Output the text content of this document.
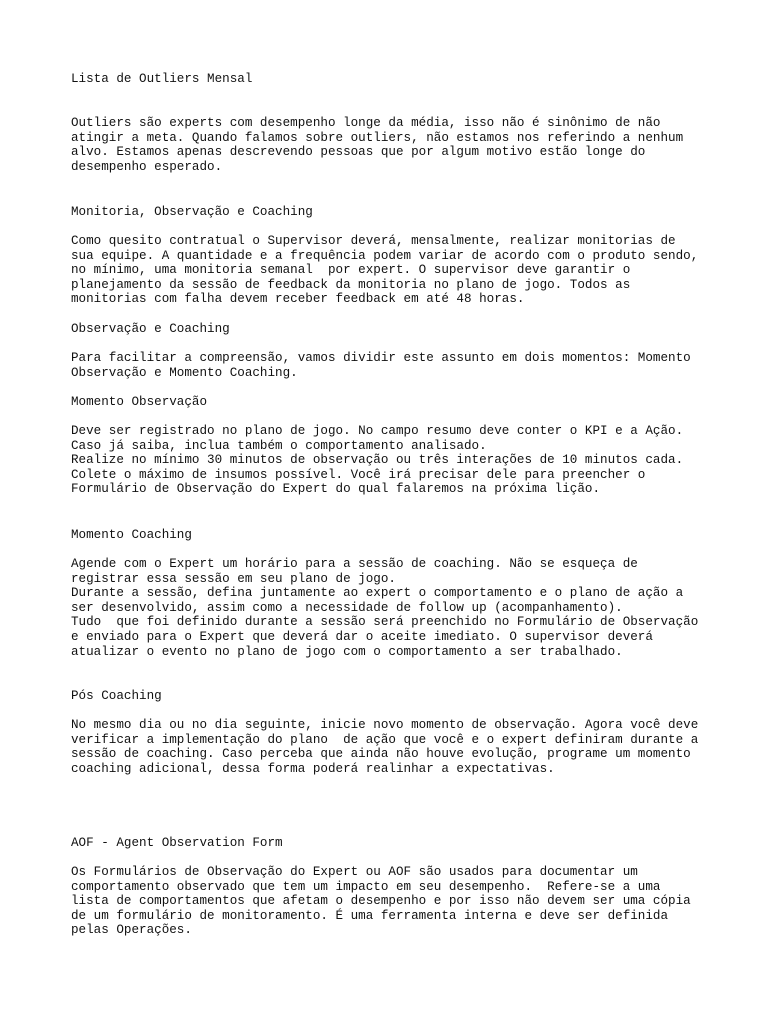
Lista de Outliers Mensal

Outliers são experts com desempenho longe da média, isso não é sinônimo de não
atingir a meta. Quando falamos sobre outliers, não estamos nos referindo a nenhum
alvo. Estamos apenas descrevendo pessoas que por algum motivo estão longe do
desempenho esperado.

Monitoria, Observação e Coaching

Como quesito contratual o Supervisor deverá, mensalmente, realizar monitorias de
sua equipe. A quantidade e a frequência podem variar de acordo com o produto sendo,
no mínimo, uma monitoria semanal  por expert. O supervisor deve garantir o
planejamento da sessão de feedback da monitoria no plano de jogo. Todos as
monitorias com falha devem receber feedback em até 48 horas.

Observação e Coaching

Para facilitar a compreensão, vamos dividir este assunto em dois momentos: Momento
Observação e Momento Coaching.

Momento Observação

Deve ser registrado no plano de jogo. No campo resumo deve conter o KPI e a Ação.
Caso já saiba, inclua também o comportamento analisado.
Realize no mínimo 30 minutos de observação ou três interações de 10 minutos cada.
Colete o máximo de insumos possível. Você irá precisar dele para preencher o
Formulário de Observação do Expert do qual falaremos na próxima lição.

Momento Coaching

Agende com o Expert um horário para a sessão de coaching. Não se esqueça de
registrar essa sessão em seu plano de jogo.
Durante a sessão, defina juntamente ao expert o comportamento e o plano de ação a
ser desenvolvido, assim como a necessidade de follow up (acompanhamento).
Tudo  que foi definido durante a sessão será preenchido no Formulário de Observação
e enviado para o Expert que deverá dar o aceite imediato. O supervisor deverá
atualizar o evento no plano de jogo com o comportamento a ser trabalhado.

Pós Coaching

No mesmo dia ou no dia seguinte, inicie novo momento de observação. Agora você deve
verificar a implementação do plano  de ação que você e o expert definiram durante a
sessão de coaching. Caso perceba que ainda não houve evolução, programe um momento
coaching adicional, dessa forma poderá realinhar a expectativas.

AOF - Agent Observation Form

Os Formulários de Observação do Expert ou AOF são usados para documentar um
comportamento observado que tem um impacto em seu desempenho.  Refere-se a uma
lista de comportamentos que afetam o desempenho e por isso não devem ser uma cópia
de um formulário de monitoramento. É uma ferramenta interna e deve ser definida
pelas Operações.
